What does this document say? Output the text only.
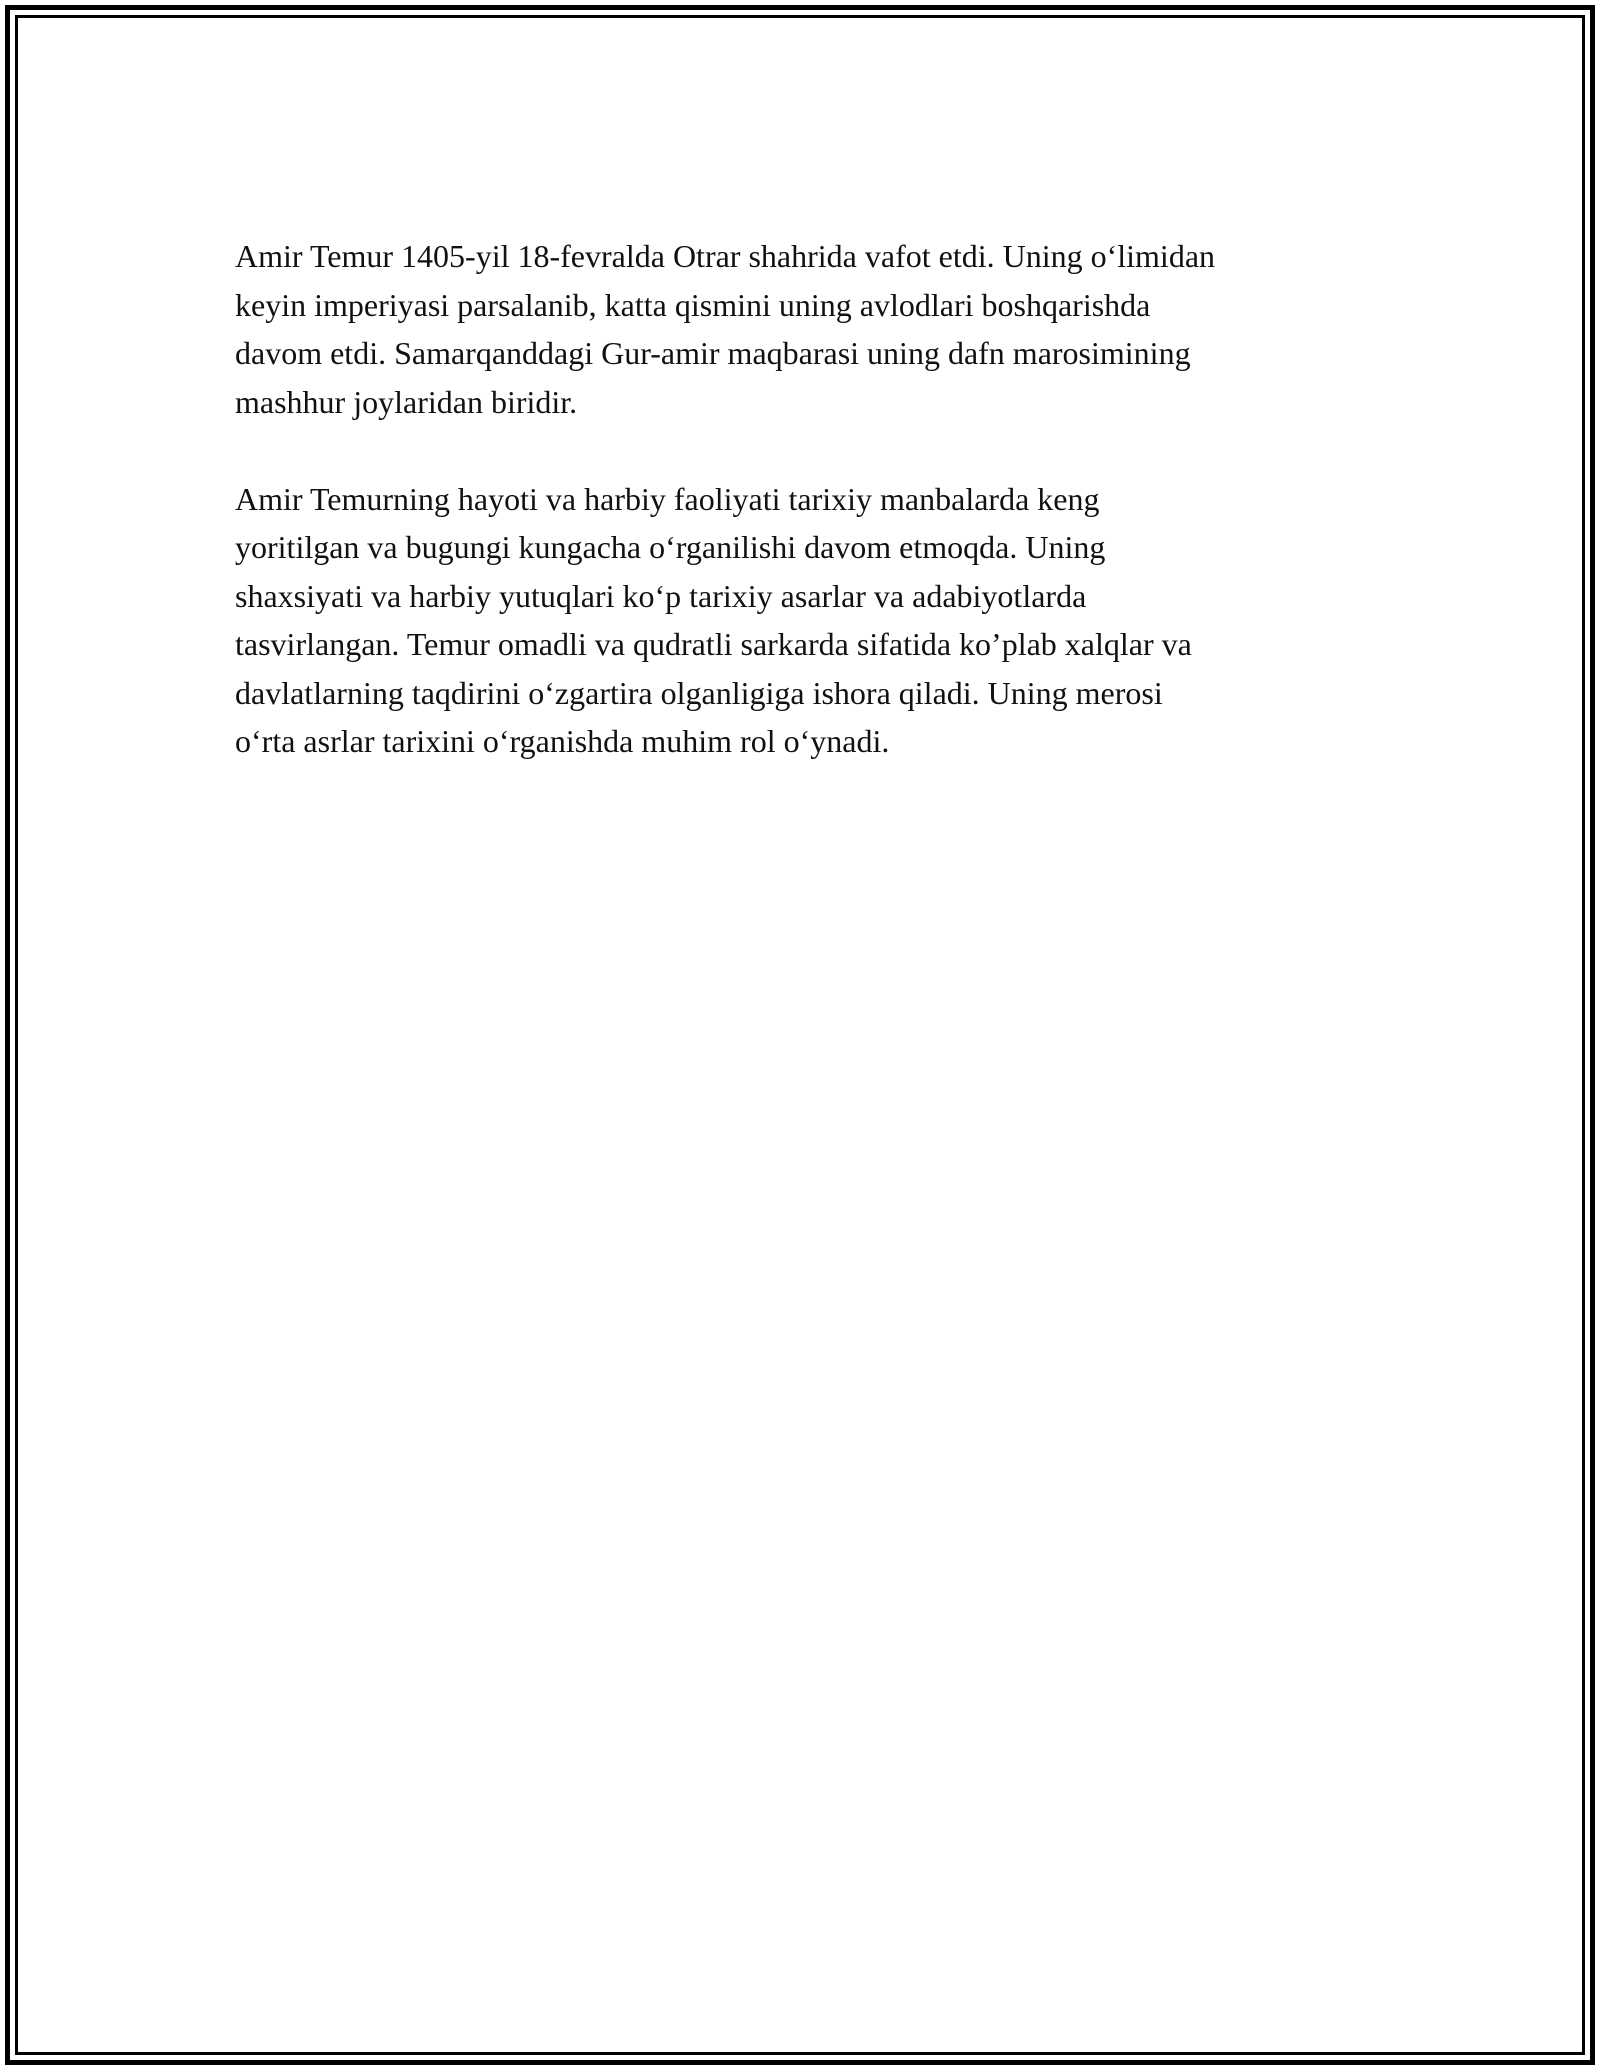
Amir Temur 1405-yil 18-fevralda Otrar shahrida vafot etdi. Uning o‘limidan
keyin imperiyasi parsalanib, katta qismini uning avlodlari boshqarishda
davom etdi. Samarqanddagi Gur-amir maqbarasi uning dafn marosimining
mashhur joylaridan biridir.

Amir Temurning hayoti va harbiy faoliyati tarixiy manbalarda keng
yoritilgan va bugungi kungacha o‘rganilishi davom etmoqda. Uning
shaxsiyati va harbiy yutuqlari ko‘p tarixiy asarlar va adabiyotlarda
tasvirlangan. Temur omadli va qudratli sarkarda sifatida ko’plab xalqlar va
davlatlarning taqdirini o‘zgartira olganligiga ishora qiladi. Uning merosi
o‘rta asrlar tarixini o‘rganishda muhim rol o‘ynadi.
